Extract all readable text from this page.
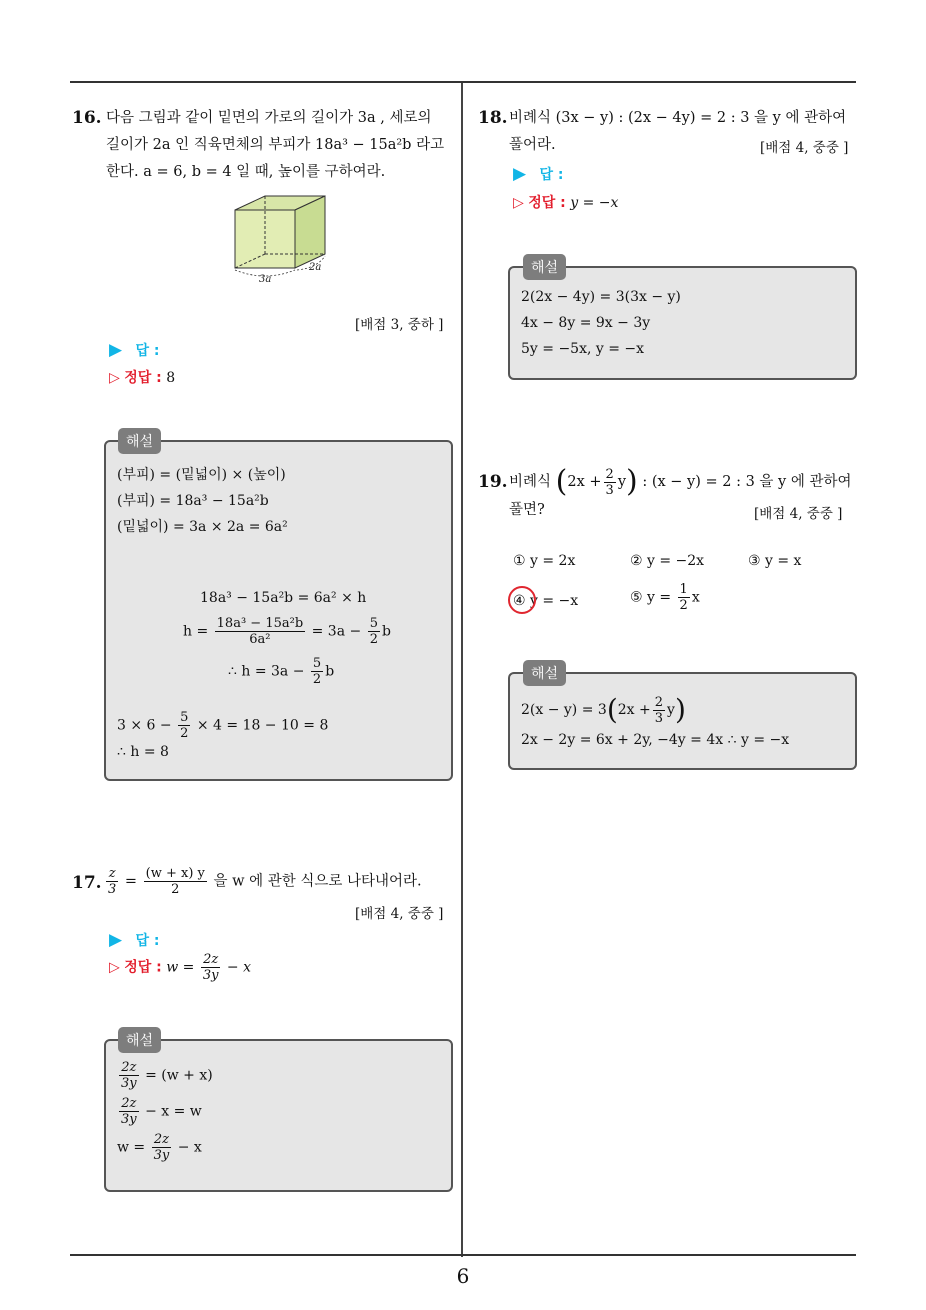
6
16. 다음 그림과 같이 밑면의 가로의 길이가 3a , 세로의
길이가 2a 인 직육면체의 부피가 18a³ − 15a²b 라고
한다. a = 6, b = 4 일 때, 높이를 구하여라.
3a
2a
[배점 3, 중하 ]
▶ 답 :
▷ 정답 : 8
해설
(부피) = (밑넓이) × (높이)
(부피) = 18a³ − 15a²b
(밑넓이) = 3a × 2a = 6a²
18a³ − 15a²b = 6a² × h
$h = \frac{\text{18a³ − 15a²b}}{\text{6a²}} = 3a - \frac{5}{2}$ b
∴ $h = 3a - \frac{5}{2}$ b
$3 \times 6 - \frac{5}{2} \times 4 = 18 - 10 = 8$
∴ h = 8
17. $\frac{z}{3} = \frac{(w + x) y}{2}$ 을 w 에 관한 식으로 나타내어라.
[배점 4, 중중 ]
▶ 답 :
▷ 정답 : $w = \frac{2z}{3y} - x$
해설
$\frac{2z}{3y} = (w + x)$
$\frac{2z}{3y} - x = w$
$w = \frac{2z}{3y} - x$
18. 비례식 (3x − y) : (2x − 4y) = 2 : 3 을 y 에 관하여
풀어라.	[배점 4, 중중 ]
▶ 답 :
▷ 정답 : y = −x
해설
2(2x − 4y) = 3(3x − y)
4x − 8y = 9x − 3y
5y = −5x, y = −x
19. 비례식 $(2x + \frac{2}{3} y)$ : (x − y) = 2 : 3 을 y 에 관하여
풀면?	[배점 4, 중중 ]
① y = 2x	② y = −2x	③ y = x
④ y = −x	⑤ $y = \frac{1}{2}$ x
해설
$2(x - y) = 3(2x + \frac{2}{3} y)$
2x − 2y = 6x + 2y, −4y = 4x ∴ y = −x
